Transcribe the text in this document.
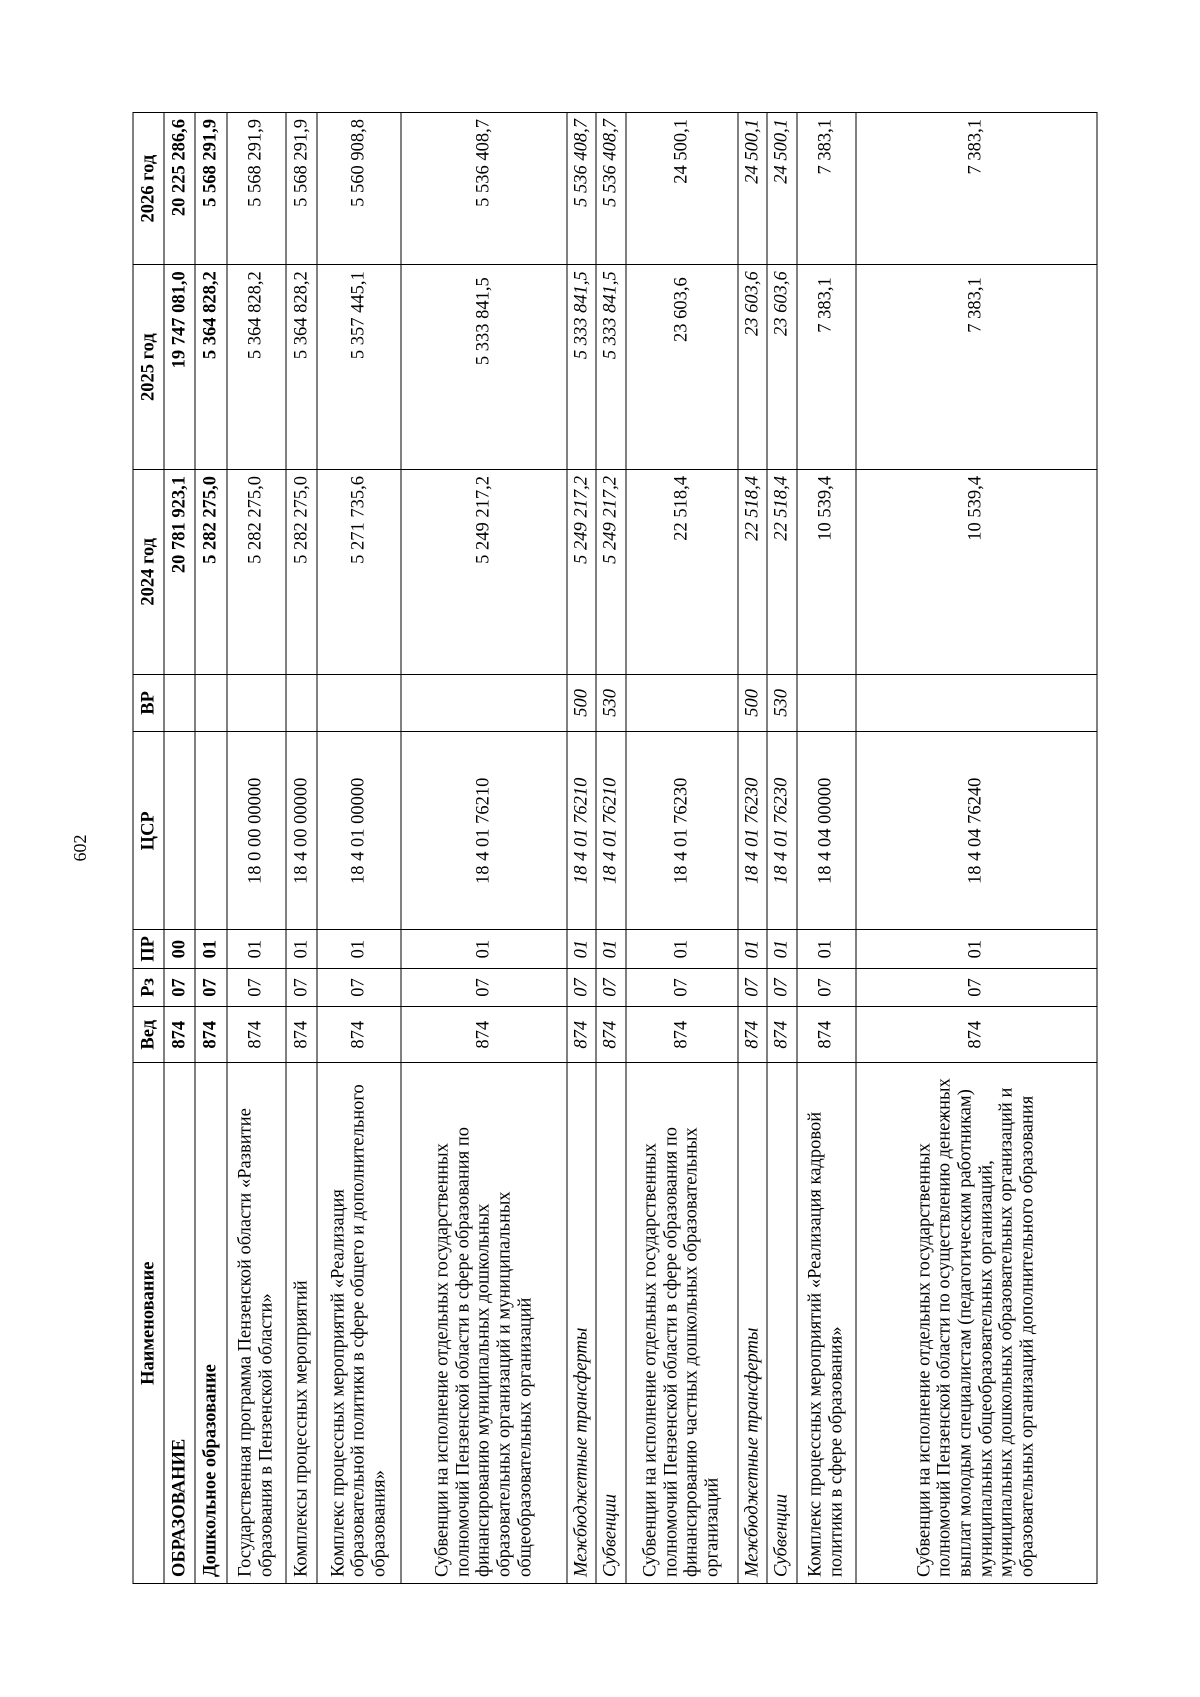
602
Наименование	Вед	Рз	ПР	ЦСР	ВР	2024 год	2025 год	2026 год
ОБРАЗОВАНИЕ	874	07	00			20 781 923,1	19 747 081,0	20 225 286,6
Дошкольное образование	874	07	01			5 282 275,0	5 364 828,2	5 568 291,9
Государственная программа Пензенской области «Развитие образования в Пензенской области»	874	07	01	18 0 00 00000		5 282 275,0	5 364 828,2	5 568 291,9
Комплексы процессных мероприятий	874	07	01	18 4 00 00000		5 282 275,0	5 364 828,2	5 568 291,9
Комплекс процессных мероприятий «Реализация образовательной политики в сфере общего и дополнительного образования»	874	07	01	18 4 01 00000		5 271 735,6	5 357 445,1	5 560 908,8
Субвенции на исполнение отдельных государственных полномочий Пензенской области в сфере образования по финансированию муниципальных дошкольных образовательных организаций и муниципальных общеобразовательных организаций	874	07	01	18 4 01 76210		5 249 217,2	5 333 841,5	5 536 408,7
Межбюджетные трансферты	874	07	01	18 4 01 76210	500	5 249 217,2	5 333 841,5	5 536 408,7
Субвенции	874	07	01	18 4 01 76210	530	5 249 217,2	5 333 841,5	5 536 408,7
Субвенции на исполнение отдельных государственных полномочий Пензенской области в сфере образования по финансированию частных дошкольных образовательных организаций	874	07	01	18 4 01 76230		22 518,4	23 603,6	24 500,1
Межбюджетные трансферты	874	07	01	18 4 01 76230	500	22 518,4	23 603,6	24 500,1
Субвенции	874	07	01	18 4 01 76230	530	22 518,4	23 603,6	24 500,1
Комплекс процессных мероприятий «Реализация кадровой политики в сфере образования»	874	07	01	18 4 04 00000		10 539,4	7 383,1	7 383,1
Субвенции на исполнение отдельных государственных полномочий Пензенской области по осуществлению денежных выплат молодым специалистам (педагогическим работникам) муниципальных общеобразовательных организаций, муниципальных дошкольных образовательных организаций и образовательных организаций дополнительного образования	874	07	01	18 4 04 76240		10 539,4	7 383,1	7 383,1
